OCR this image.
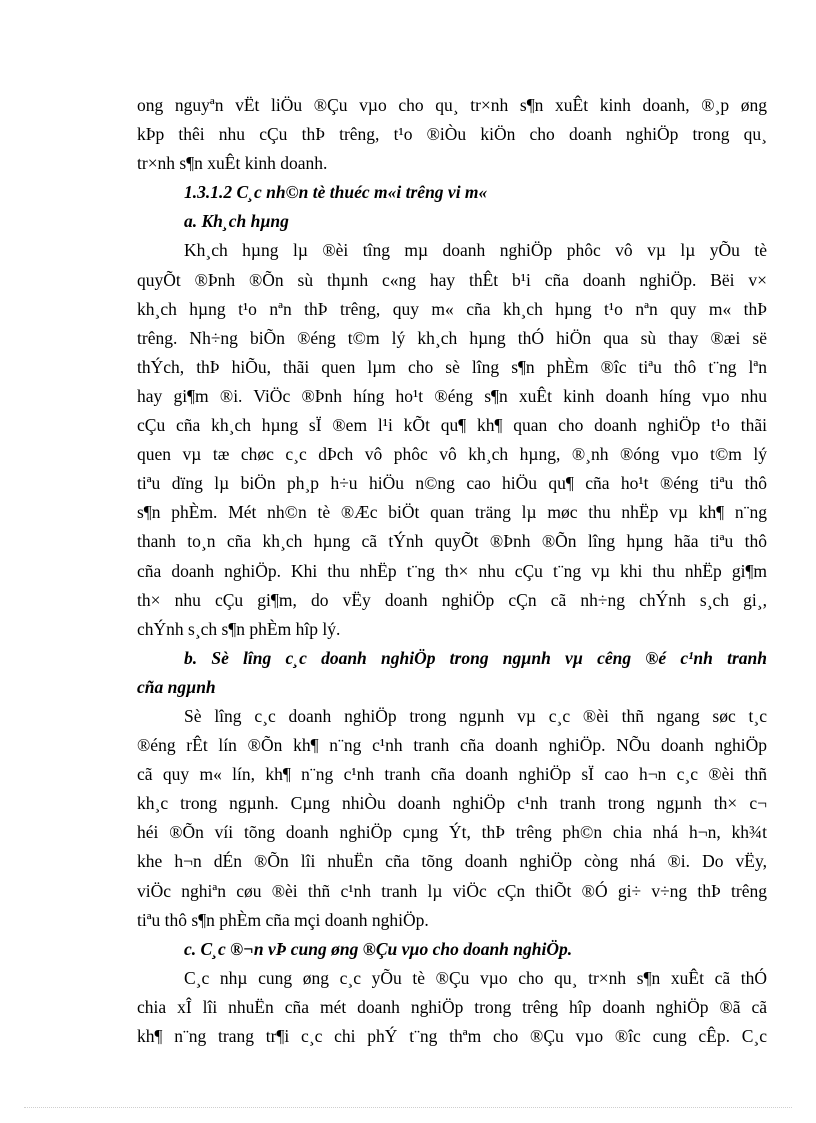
ong nguyªn vËt liÖu ®Çu vµo cho qu¸ tr×nh s¶n xuÊt kinh doanh, ®¸p øng
kÞp thêi nhu cÇu thÞ trêng, t¹o ®iÒu kiÖn cho doanh nghiÖp trong qu¸
tr×nh s¶n xuÊt kinh doanh.
1.3.1.2 C¸c nh©n tè thuéc m«i trêng vi m«
a. Kh¸ch hµng
Kh¸ch hµng lµ ®èi tîng mµ doanh nghiÖp phôc vô vµ lµ yÕu tè
quyÕt ®Þnh ®Õn sù thµnh c«ng hay thÊt b¹i cña doanh nghiÖp. Bëi v×
kh¸ch hµng t¹o nªn thÞ trêng, quy m« cña kh¸ch hµng t¹o nªn quy m« thÞ
trêng. Nh÷ng biÕn ®éng t©m lý kh¸ch hµng thÓ hiÖn qua sù thay ®æi së
thÝch, thÞ hiÕu, thãi quen lµm cho sè lîng s¶n phÈm ®îc tiªu thô t¨ng lªn
hay gi¶m ®i. ViÖc ®Þnh híng ho¹t ®éng s¶n xuÊt kinh doanh híng vµo nhu
cÇu cña kh¸ch hµng sÏ ®em l¹i kÕt qu¶ kh¶ quan cho doanh nghiÖp t¹o thãi
quen vµ tæ chøc c¸c dÞch vô phôc vô kh¸ch hµng, ®¸nh ®óng vµo t©m lý
tiªu dïng lµ biÖn ph¸p h÷u hiÖu n©ng cao hiÖu qu¶ cña ho¹t ®éng tiªu thô
s¶n phÈm. Mét nh©n tè ®Æc biÖt quan träng lµ møc thu nhËp vµ kh¶ n¨ng
thanh to¸n cña kh¸ch hµng cã tÝnh quyÕt ®Þnh ®Õn lîng hµng hãa tiªu thô
cña doanh nghiÖp. Khi thu nhËp t¨ng th× nhu cÇu t¨ng vµ khi thu nhËp gi¶m
th× nhu cÇu gi¶m, do vËy doanh nghiÖp cÇn cã nh÷ng chÝnh s¸ch gi¸,
chÝnh s¸ch s¶n phÈm hîp lý.
b. Sè lîng c¸c doanh nghiÖp trong ngµnh vµ cêng ®é c¹nh tranh
cña ngµnh
Sè lîng c¸c doanh nghiÖp trong ngµnh vµ c¸c ®èi thñ ngang søc t¸c
®éng rÊt lín ®Õn kh¶ n¨ng c¹nh tranh cña doanh nghiÖp. NÕu doanh nghiÖp
cã quy m« lín, kh¶ n¨ng c¹nh tranh cña doanh nghiÖp sÏ cao h¬n c¸c ®èi thñ
kh¸c trong ngµnh. Cµng nhiÒu doanh nghiÖp c¹nh tranh trong ngµnh th× c¬
héi ®Õn víi tõng doanh nghiÖp cµng Ýt, thÞ trêng ph©n chia nhá h¬n, kh¾t
khe h¬n dÉn ®Õn lîi nhuËn cña tõng doanh nghiÖp còng nhá ®i. Do vËy,
viÖc nghiªn cøu ®èi thñ c¹nh tranh lµ viÖc cÇn thiÕt ®Ó gi÷ v÷ng thÞ trêng
tiªu thô s¶n phÈm cña mçi doanh nghiÖp.
c. C¸c ®¬n vÞ cung øng ®Çu vµo cho doanh nghiÖp.
C¸c nhµ cung øng c¸c yÕu tè ®Çu vµo cho qu¸ tr×nh s¶n xuÊt cã thÓ
chia xÎ lîi nhuËn cña mét doanh nghiÖp trong trêng hîp doanh nghiÖp ®ã cã
kh¶ n¨ng trang tr¶i c¸c chi phÝ t¨ng thªm cho ®Çu vµo ®îc cung cÊp. C¸c
